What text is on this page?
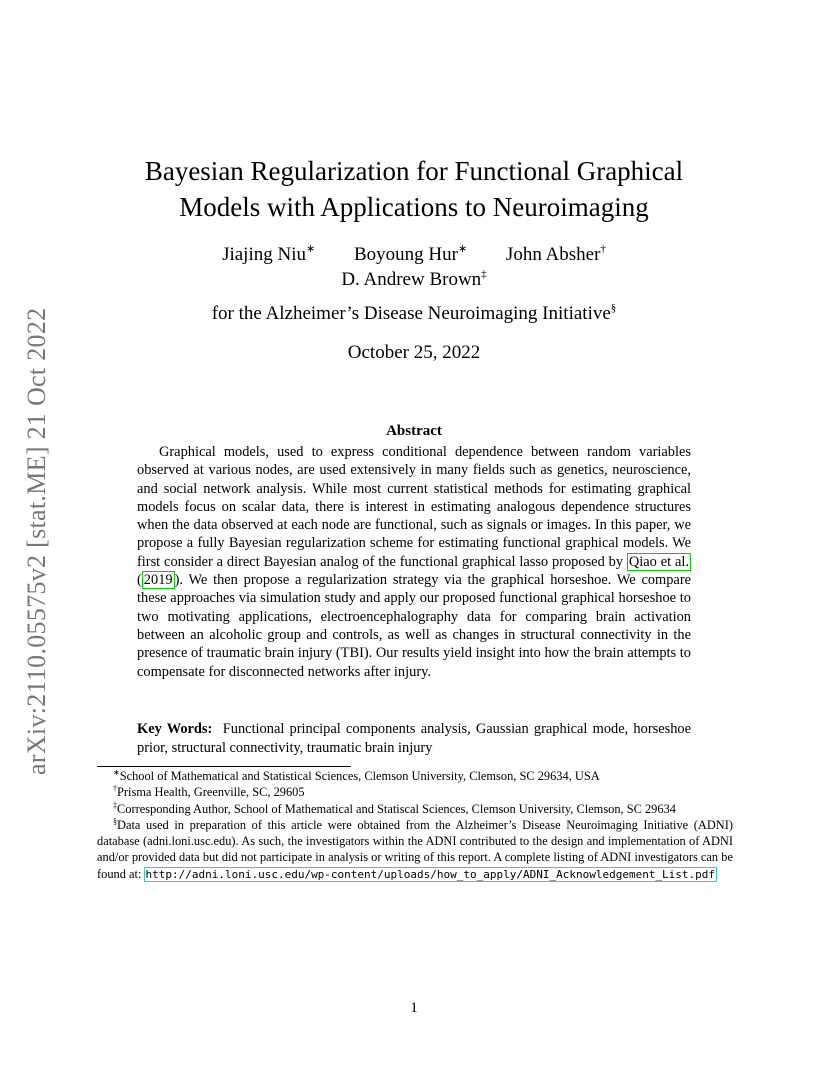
arXiv:2110.05575v2 [stat.ME] 21 Oct 2022
Bayesian Regularization for Functional Graphical
Models with Applications to Neuroimaging
Jiajing Niu∗ Boyoung Hur∗ John Absher†
D. Andrew Brown‡
for the Alzheimer’s Disease Neuroimaging Initiative§
October 25, 2022
Abstract

Graphical models, used to express conditional dependence between random variables observed at various nodes, are used extensively in many fields such as genetics, neuroscience, and social network analysis. While most current statistical methods for estimating graphical models focus on scalar data, there is interest in estimating analogous dependence structures when the data observed at each node are functional, such as signals or images. In this paper, we propose a fully Bayesian regularization scheme for estimating functional graphical models. We first consider a direct Bayesian analog of the functional graphical lasso proposed by Qiao et al. ( 2019 ). We then propose a regularization strategy via the graphical horseshoe. We compare these approaches via simulation study and apply our proposed functional graphical horseshoe to two motivating applications, electroencephalography data for comparing brain activation between an alcoholic group and controls, as well as changes in structural connectivity in the presence of traumatic brain injury (TBI). Our results yield insight into how the brain attempts to compensate for disconnected networks after injury.

Key Words: Functional principal components analysis, Gaussian graphical mode, horseshoe prior, structural connectivity, traumatic brain injury

∗School of Mathematical and Statistical Sciences, Clemson University, Clemson, SC 29634, USA

†Prisma Health, Greenville, SC, 29605

‡Corresponding Author, School of Mathematical and Statiscal Sciences, Clemson University, Clemson, SC 29634

§Data used in preparation of this article were obtained from the Alzheimer’s Disease Neuroimaging Initiative (ADNI) database (adni.loni.usc.edu). As such, the investigators within the ADNI contributed to the design and implementation of ADNI and/or provided data but did not participate in analysis or writing of this report. A complete listing of ADNI investigators can be found at: http://adni.loni.usc.edu/wp-content/uploads/how_to_apply/ADNI_Acknowledgement_List.pdf

1
